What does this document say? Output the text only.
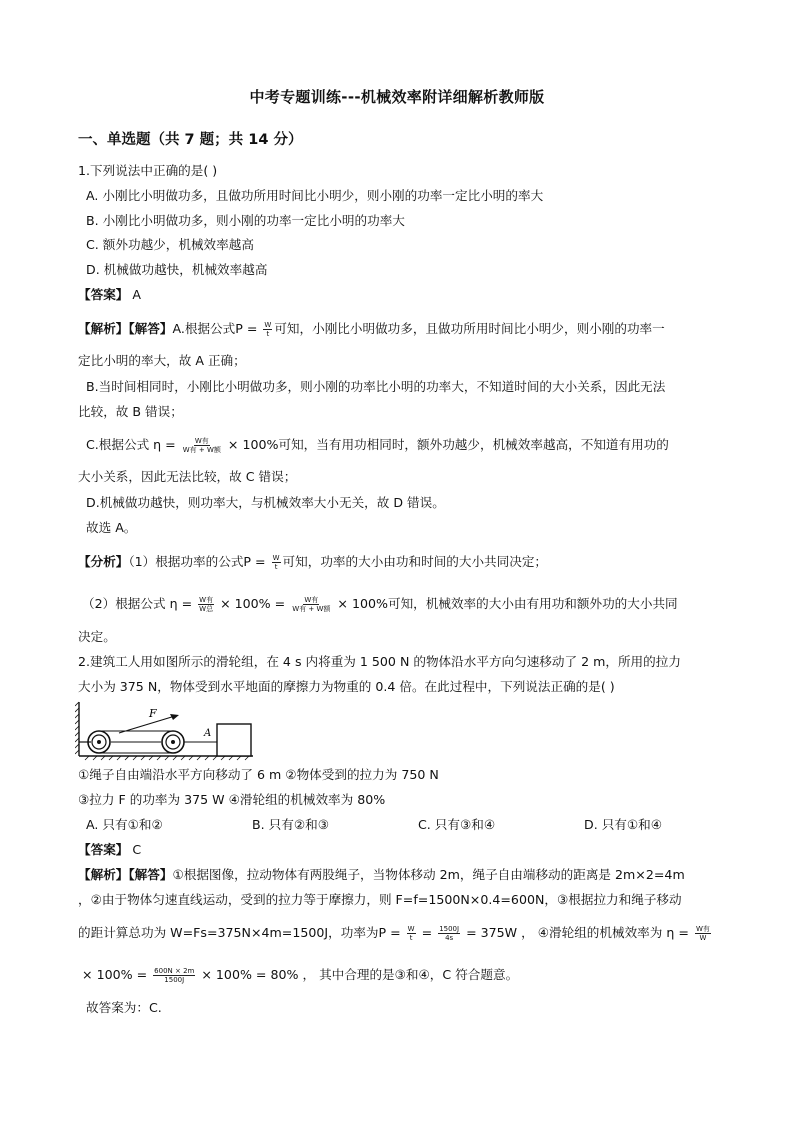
中考专题训练---机械效率附详细解析教师版
一、单选题（共 7 题；共 14 分）
1.下列说法中正确的是( )
A. 小刚比小明做功多，且做功所用时间比小明少，则小刚的功率一定比小明的率大
B. 小刚比小明做功多，则小刚的功率一定比小明的功率大
C. 额外功越少，机械效率越高
D. 机械做功越快，机械效率越高
【答案】 A
【解析】【解答】A.根据公式$P = \frac{W}{t}$ 可知，小刚比小明做功多，且做功所用时间比小明少，则小刚的功率一
定比小明的率大，故 A 正确；
B.当时间相同时，小刚比小明做功多，则小刚的功率比小明的功率大，不知道时间的大小关系，因此无法
比较，故 B 错误；
C.根据公式 $\eta = \frac{\text{W有}}{\text{W有 + W额}} \times 100\%$可知，当有用功相同时，额外功越少，机械效率越高，不知道有用功的
大小关系，因此无法比较，故 C 错误；
D.机械做功越快，则功率大，与机械效率大小无关，故 D 错误。
故选 A。
【分析】（1）根据功率的公式$P = \frac{W}{t}$ 可知，功率的大小由功和时间的大小共同决定；
（2）根据公式 $\eta = \frac{\text{W有}}{\text{W总}} \times 100\% = \frac{\text{W有}}{\text{W有 + W额}} \times 100\%$可知，机械效率的大小由有用功和额外功的大小共同
决定。
2.建筑工人用如图所示的滑轮组，在 4 s 内将重为 1 500 N 的物体沿水平方向匀速移动了 2 m，所用的拉力
大小为 375 N，物体受到水平地面的摩擦力为物重的 0.4 倍。在此过程中，下列说法正确的是( )
F
A
①绳子自由端沿水平方向移动了 6 m ②物体受到的拉力为 750 N
③拉力 F 的功率为 375 W ④滑轮组的机械效率为 80%
A. 只有①和②	B. 只有②和③	C. 只有③和④	D. 只有①和④
【答案】 C
【解析】【解答】①根据图像，拉动物体有两股绳子，当物体移动 2m，绳子自由端移动的距离是 2m×2=4m
，②由于物体匀速直线运动，受到的拉力等于摩擦力，则 F=f=1500N×0.4=600N，③根据拉力和绳子移动
的距计算总功为 W=Fs=375N×4m=1500J，功率为$P = \frac{W}{t} = \frac{1500J}{4s} = 375W$ ， ④滑轮组的机械效率为 $\eta = \frac{\text{W有}}{W}$
× $100\% = \frac{600N \times 2m}{1500J} \times 100\% = 80\%$ ， 其中合理的是③和④，C 符合题意。
故答案为：C.
